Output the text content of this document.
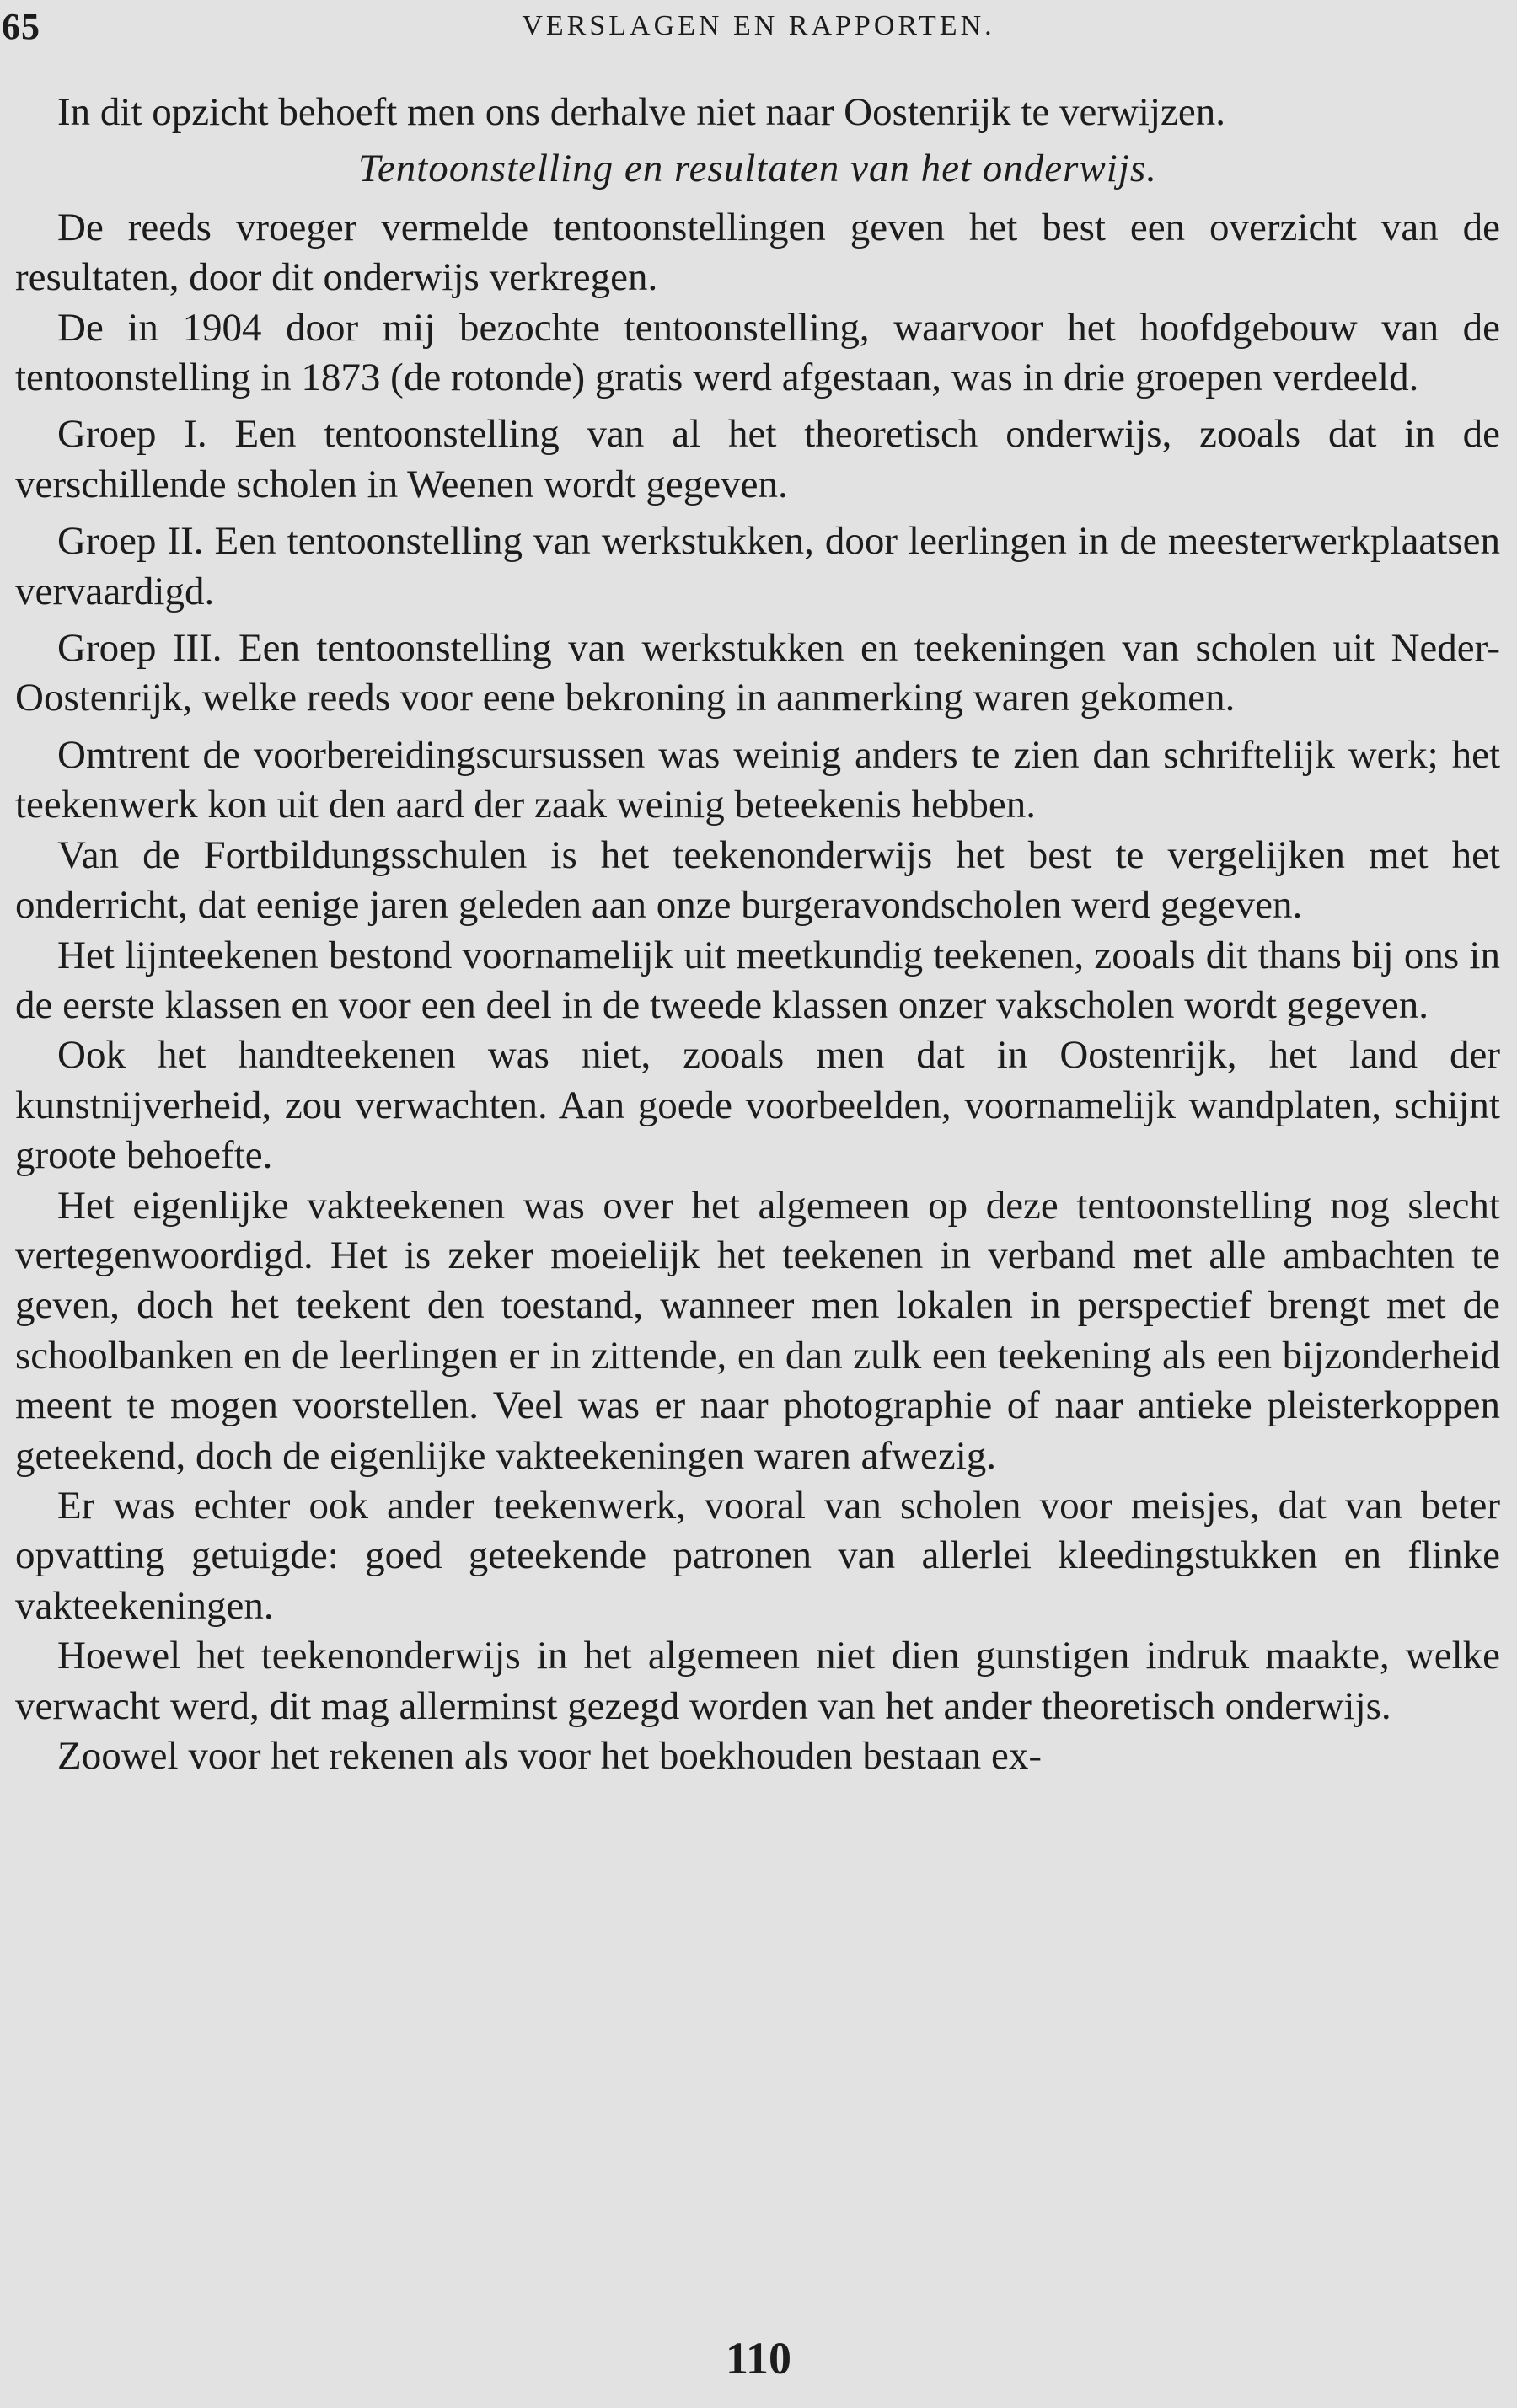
65	VERSLAGEN EN RAPPORTEN.

In dit opzicht behoeft men ons derhalve niet naar Oostenrijk te verwijzen.

Tentoonstelling en resultaten van het onderwijs.

De reeds vroeger vermelde tentoonstellingen geven het best een overzicht van de resultaten, door dit onderwijs verkregen.

De in 1904 door mij bezochte tentoonstelling, waarvoor het hoofdgebouw van de tentoonstelling in 1873 (de rotonde) gratis werd afgestaan, was in drie groepen verdeeld.

Groep I. Een tentoonstelling van al het theoretisch onderwijs, zooals dat in de verschillende scholen in Weenen wordt gegeven.

Groep II. Een tentoonstelling van werkstukken, door leerlingen in de meesterwerkplaatsen vervaardigd.

Groep III. Een tentoonstelling van werkstukken en teekeningen van scholen uit Neder-Oostenrijk, welke reeds voor eene bekroning in aanmerking waren gekomen.

Omtrent de voorbereidingscursussen was weinig anders te zien dan schriftelijk werk; het teekenwerk kon uit den aard der zaak weinig beteekenis hebben.

Van de Fortbildungsschulen is het teekenonderwijs het best te vergelijken met het onderricht, dat eenige jaren geleden aan onze burgeravondscholen werd gegeven.

Het lijnteekenen bestond voornamelijk uit meetkundig teekenen, zooals dit thans bij ons in de eerste klassen en voor een deel in de tweede klassen onzer vakscholen wordt gegeven.

Ook het handteekenen was niet, zooals men dat in Oostenrijk, het land der kunstnijverheid, zou verwachten. Aan goede voorbeelden, voornamelijk wandplaten, schijnt groote behoefte.

Het eigenlijke vakteekenen was over het algemeen op deze tentoonstelling nog slecht vertegenwoordigd. Het is zeker moeielijk het teekenen in verband met alle ambachten te geven, doch het teekent den toestand, wanneer men lokalen in perspectief brengt met de schoolbanken en de leerlingen er in zittende, en dan zulk een teekening als een bijzonderheid meent te mogen voorstellen. Veel was er naar photographie of naar antieke pleisterkoppen geteekend, doch de eigenlijke vakteekeningen waren afwezig.

Er was echter ook ander teekenwerk, vooral van scholen voor meisjes, dat van beter opvatting getuigde: goed geteekende patronen van allerlei kleedingstukken en flinke vakteekeningen.

Hoewel het teekenonderwijs in het algemeen niet dien gunstigen indruk maakte, welke verwacht werd, dit mag allerminst gezegd worden van het ander theoretisch onderwijs.

Zoowel voor het rekenen als voor het boekhouden bestaan ex-

110
